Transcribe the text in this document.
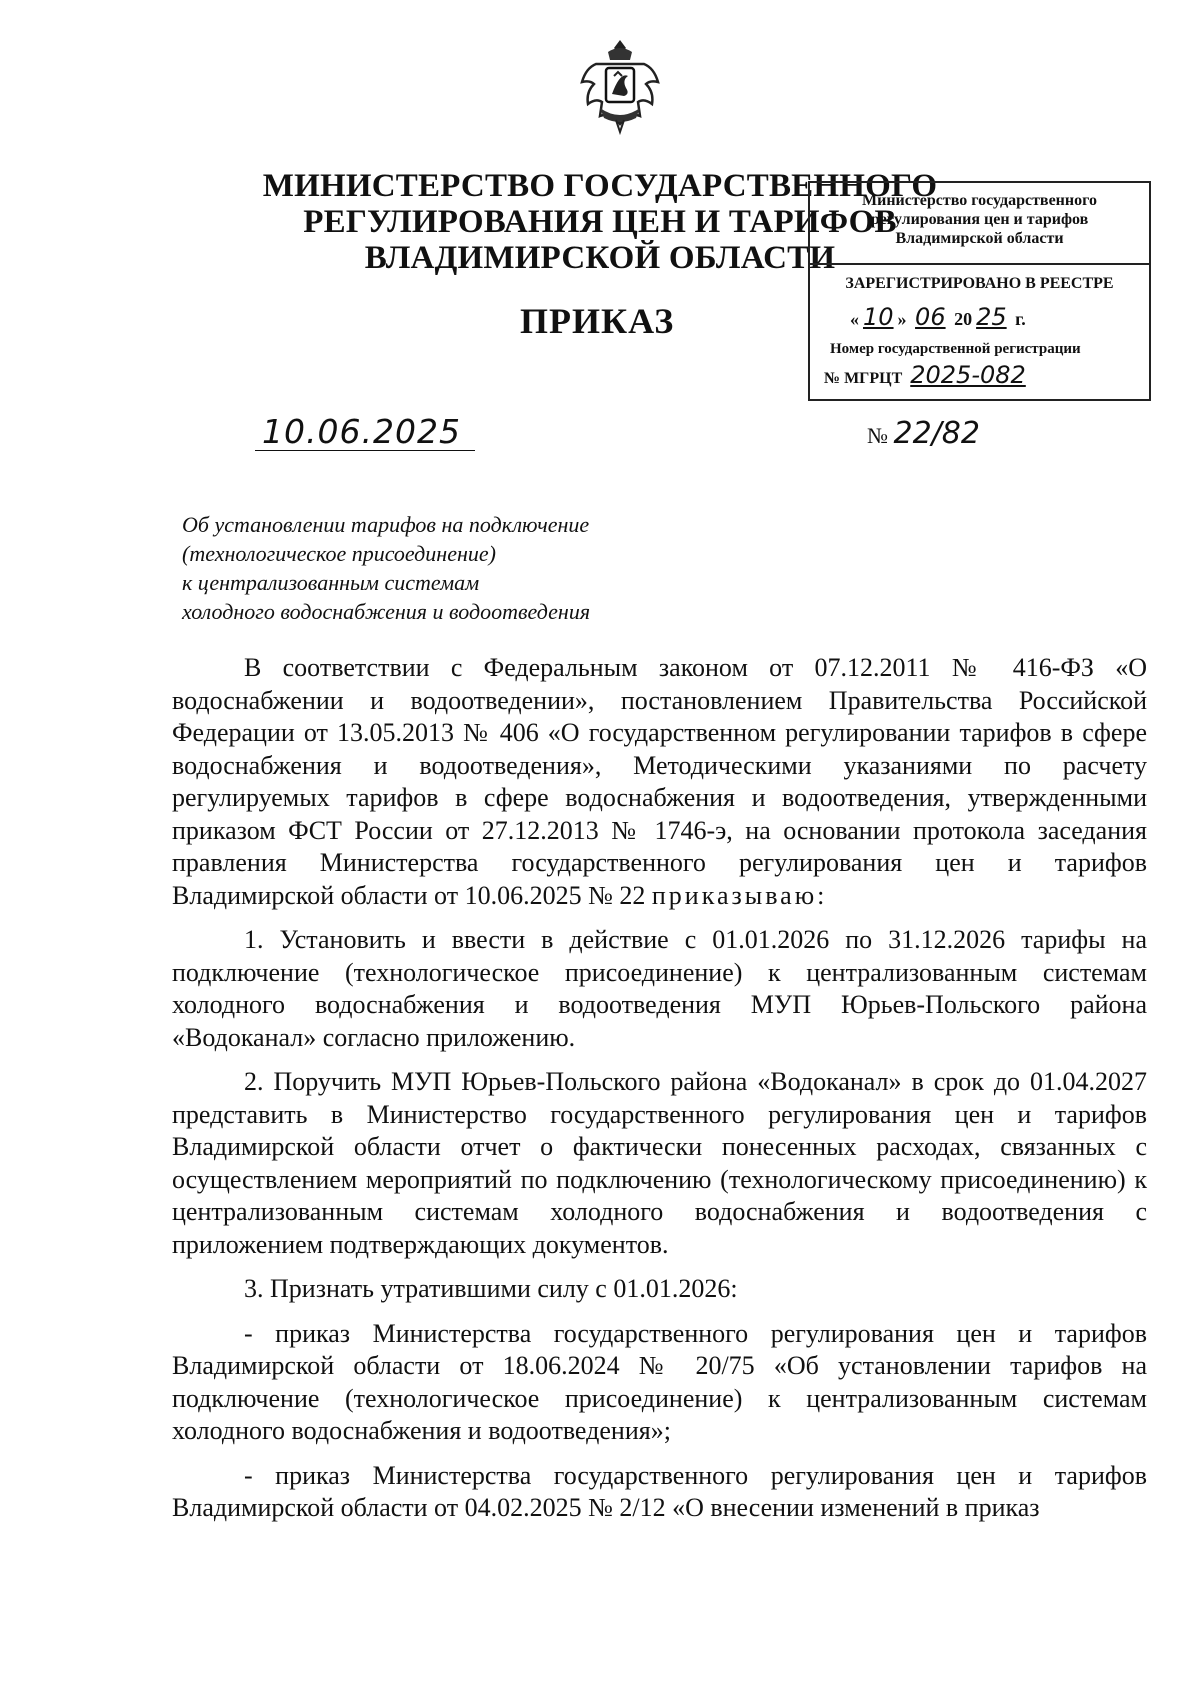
МИНИСТЕРСТВО ГОСУДАРСТВЕННОГО
РЕГУЛИРОВАНИЯ ЦЕН И ТАРИФОВ
ВЛАДИМИРСКОЙ ОБЛАСТИ
ПРИКАЗ
Министерство государственного
регулирования цен и тарифов
Владимирской области
ЗАРЕГИСТРИРОВАНО В РЕЕСТРЕ
« 10 » 06 20 25 г.
Номер государственной регистрации
№ МГРЦТ 2025-082
10.06.2025	№ 22/82
Об установлении тарифов на подключение
(технологическое присоединение)
к централизованным системам
холодного водоснабжения и водоотведения

В соответствии с Федеральным законом от 07.12.2011 № 416-ФЗ «О водоснабжении и водоотведении», постановлением Правительства Российской Федерации от 13.05.2013 № 406 «О государственном регулировании тарифов в сфере водоснабжения и водоотведения», Методическими указаниями по расчету регулируемых тарифов в сфере водоснабжения и водоотведения, утвержденными приказом ФСТ России от 27.12.2013 № 1746-э, на основании протокола заседания правления Министерства государственного регулирования цен и тарифов Владимирской области от 10.06.2025 № 22 приказываю:

1. Установить и ввести в действие с 01.01.2026 по 31.12.2026 тарифы на подключение (технологическое присоединение) к централизованным системам холодного водоснабжения и водоотведения МУП Юрьев-Польского района «Водоканал» согласно приложению.

2. Поручить МУП Юрьев-Польского района «Водоканал» в срок до 01.04.2027 представить в Министерство государственного регулирования цен и тарифов Владимирской области отчет о фактически понесенных расходах, связанных с осуществлением мероприятий по подключению (технологическому присоединению) к централизованным системам холодного водоснабжения и водоотведения с приложением подтверждающих документов.

3. Признать утратившими силу с 01.01.2026:

- приказ Министерства государственного регулирования цен и тарифов Владимирской области от 18.06.2024 № 20/75 «Об установлении тарифов на подключение (технологическое присоединение) к централизованным системам холодного водоснабжения и водоотведения»;

- приказ Министерства государственного регулирования цен и тарифов Владимирской области от 04.02.2025 № 2/12 «О внесении изменений в приказ
